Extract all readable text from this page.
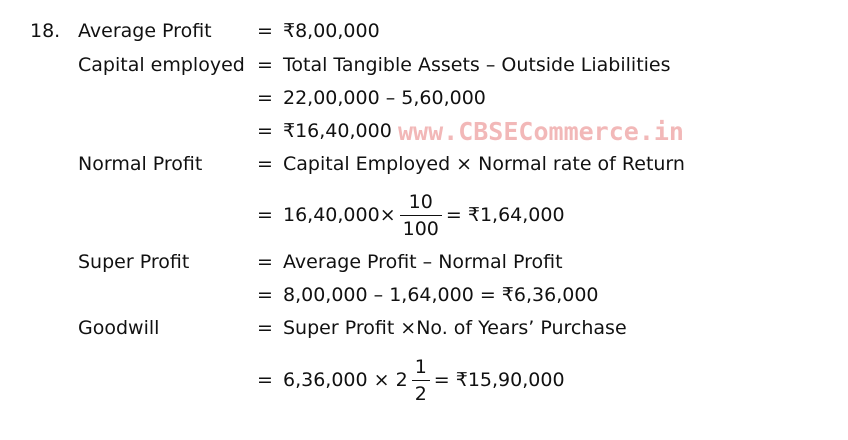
18. Average Profit = ₹8,00,000
Capital employed = Total Tangible Assets – Outside Liabilities
= 22,00,000 – 5,60,000
= ₹16,40,000 www.CBSECommerce.in
Normal Profit	= Capital Employed × Normal rate of Return
= $16,40,000\times \frac{10}{100}$ = ₹1,64,000
Super Profit	= Average Profit – Normal Profit
= 8,00,000 – 1,64,000 = ₹6,36,000
Goodwill	= Super Profit ×No. of Years’ Purchase
= $6,36,000 \times 2 \frac{1}{2}$ = ₹15,90,000
